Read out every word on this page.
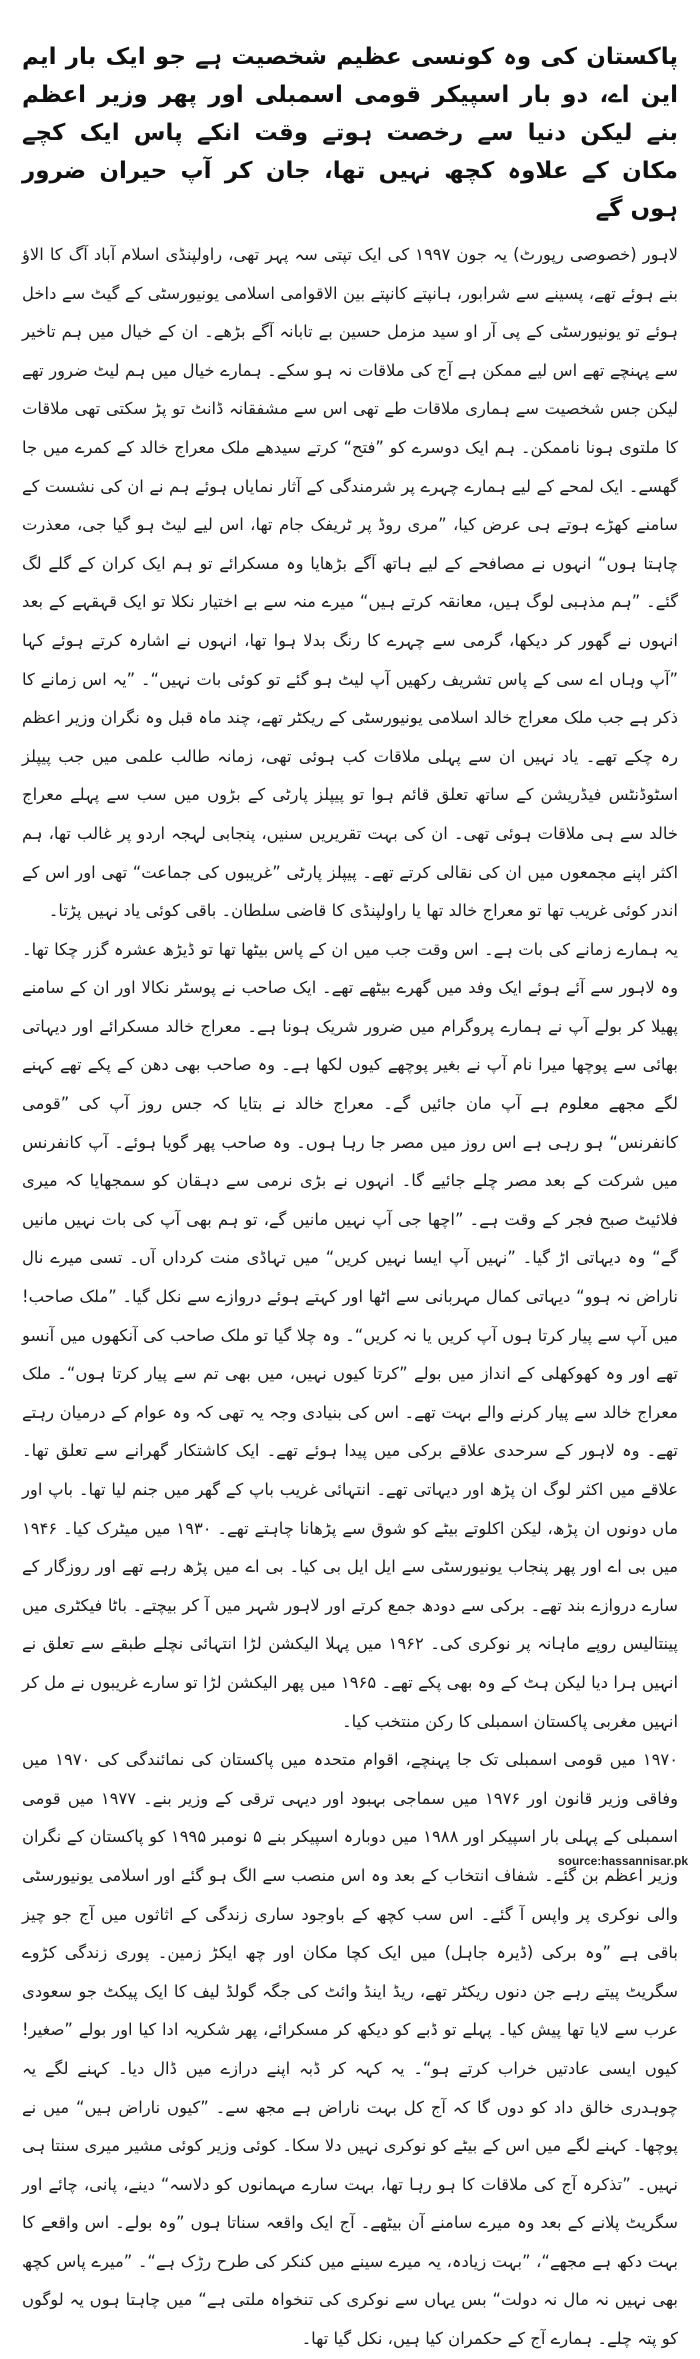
پاکستان کی وہ کونسی عظیم شخصیت ہے جو ایک بار ایم این اے، دو بار اسپیکر قومی اسمبلی اور پھر وزیر اعظم بنے لیکن دنیا سے رخصت ہوتے وقت انکے پاس ایک کچے مکان کے علاوہ کچھ نہیں تھا، جان کر آپ حیران ضرور ہوں گے

لاہور (خصوصی رپورٹ) یہ جون ۱۹۹۷ کی ایک تپتی سہ پہر تھی، راولپنڈی اسلام آباد آگ کا الاؤ بنے ہوئے تھے، پسینے سے شرابور، ہانپتے کانپتے بین الاقوامی اسلامی یونیورسٹی کے گیٹ سے داخل ہوئے تو یونیورسٹی کے پی آر او سید مزمل حسین بے تابانہ آگے بڑھے۔ ان کے خیال میں ہم تاخیر سے پہنچے تھے اس لیے ممکن ہے آج کی ملاقات نہ ہو سکے۔ ہمارے خیال میں ہم لیٹ ضرور تھے لیکن جس شخصیت سے ہماری ملاقات طے تھی اس سے مشفقانہ ڈانٹ تو پڑ سکتی تھی ملاقات کا ملتوی ہونا ناممکن۔ ہم ایک دوسرے کو ”فتح“ کرتے سیدھے ملک معراج خالد کے کمرے میں جا گھسے۔ ایک لمحے کے لیے ہمارے چہرے پر شرمندگی کے آثار نمایاں ہوئے ہم نے ان کی نشست کے سامنے کھڑے ہوتے ہی عرض کیا، ”مری روڈ پر ٹریفک جام تھا، اس لیے لیٹ ہو گیا جی، معذرت چاہتا ہوں“ انہوں نے مصافحے کے لیے ہاتھ آگے بڑھایا وہ مسکرائے تو ہم ایک کران کے گلے لگ گئے۔ ”ہم مذہبی لوگ ہیں، معانقہ کرتے ہیں“ میرے منہ سے بے اختیار نکلا تو ایک قہقہے کے بعد انہوں نے گھور کر دیکھا، گرمی سے چہرے کا رنگ بدلا ہوا تھا، انہوں نے اشارہ کرتے ہوئے کہا ”آپ وہاں اے سی کے پاس تشریف رکھیں آپ لیٹ ہو گئے تو کوئی بات نہیں“۔ ”یہ اس زمانے کا ذکر ہے جب ملک معراج خالد اسلامی یونیورسٹی کے ریکٹر تھے، چند ماہ قبل وہ نگران وزیر اعظم رہ چکے تھے۔ یاد نہیں ان سے پہلی ملاقات کب ہوئی تھی، زمانہ طالب علمی میں جب پیپلز اسٹوڈنٹس فیڈریشن کے ساتھ تعلق قائم ہوا تو پیپلز پارٹی کے بڑوں میں سب سے پہلے معراج خالد سے ہی ملاقات ہوئی تھی۔ ان کی بہت تقریریں سنیں، پنجابی لہجہ اردو پر غالب تھا، ہم اکثر اپنے مجمعوں میں ان کی نقالی کرتے تھے۔ پیپلز پارٹی ”غریبوں کی جماعت“ تھی اور اس کے اندر کوئی غریب تھا تو معراج خالد تھا یا راولپنڈی کا قاضی سلطان۔ باقی کوئی یاد نہیں پڑتا۔

یہ ہمارے زمانے کی بات ہے۔ اس وقت جب میں ان کے پاس بیٹھا تھا تو ڈیڑھ عشرہ گزر چکا تھا۔ وہ لاہور سے آئے ہوئے ایک وفد میں گھرے بیٹھے تھے۔ ایک صاحب نے پوسٹر نکالا اور ان کے سامنے پھیلا کر بولے آپ نے ہمارے پروگرام میں ضرور شریک ہونا ہے۔ معراج خالد مسکرائے اور دیہاتی بھائی سے پوچھا میرا نام آپ نے بغیر پوچھے کیوں لکھا ہے۔ وہ صاحب بھی دھن کے پکے تھے کہنے لگے مجھے معلوم ہے آپ مان جائیں گے۔ معراج خالد نے بتایا کہ جس روز آپ کی ”قومی کانفرنس“ ہو رہی ہے اس روز میں مصر جا رہا ہوں۔ وہ صاحب پھر گویا ہوئے۔ آپ کانفرنس میں شرکت کے بعد مصر چلے جائیے گا۔ انہوں نے بڑی نرمی سے دہقان کو سمجھایا کہ میری فلائیٹ صبح فجر کے وقت ہے۔ ”اچھا جی آپ نہیں مانیں گے، تو ہم بھی آپ کی بات نہیں مانیں گے“ وہ دیہاتی اڑ گیا۔ ”نہیں آپ ایسا نہیں کریں“ میں تہاڈی منت کرداں آں۔ تسی میرے نال ناراض نہ ہوو“ دیہاتی کمال مہربانی سے اٹھا اور کہتے ہوئے دروازے سے نکل گیا۔ ”ملک صاحب! میں آپ سے پیار کرتا ہوں آپ کریں یا نہ کریں“۔ وہ چلا گیا تو ملک صاحب کی آنکھوں میں آنسو تھے اور وہ کھوکھلی کے انداز میں بولے ”کرتا کیوں نہیں، میں بھی تم سے پیار کرتا ہوں“۔ ملک معراج خالد سے پیار کرنے والے بہت تھے۔ اس کی بنیادی وجہ یہ تھی کہ وہ عوام کے درمیان رہتے تھے۔ وہ لاہور کے سرحدی علاقے برکی میں پیدا ہوئے تھے۔ ایک کاشتکار گھرانے سے تعلق تھا۔ علاقے میں اکثر لوگ ان پڑھ اور دیہاتی تھے۔ انتہائی غریب باپ کے گھر میں جنم لیا تھا۔ باپ اور ماں دونوں ان پڑھ، لیکن اکلوتے بیٹے کو شوق سے پڑھانا چاہتے تھے۔ ۱۹۳۰ میں میٹرک کیا۔ ۱۹۴۶ میں بی اے اور پھر پنجاب یونیورسٹی سے ایل ایل بی کیا۔ بی اے میں پڑھ رہے تھے اور روزگار کے سارے دروازے بند تھے۔ برکی سے دودھ جمع کرتے اور لاہور شہر میں آ کر بیچتے۔ باٹا فیکٹری میں پینتالیس روپے ماہانہ پر نوکری کی۔ ۱۹۶۲ میں پہلا الیکشن لڑا انتہائی نچلے طبقے سے تعلق نے انہیں ہرا دیا لیکن ہٹ کے وہ بھی پکے تھے۔ ۱۹۶۵ میں پھر الیکشن لڑا تو سارے غریبوں نے مل کر انہیں مغربی پاکستان اسمبلی کا رکن منتخب کیا۔

۱۹۷۰ میں قومی اسمبلی تک جا پہنچے، اقوام متحدہ میں پاکستان کی نمائندگی کی ۱۹۷۰ میں وفاقی وزیر قانون اور ۱۹۷۶ میں سماجی بہبود اور دیہی ترقی کے وزیر بنے۔ ۱۹۷۷ میں قومی اسمبلی کے پہلی بار اسپیکر اور ۱۹۸۸ میں دوبارہ اسپیکر بنے ۵ نومبر ۱۹۹۵ کو پاکستان کے نگران وزیر اعظم بن گئے۔ شفاف انتخاب کے بعد وہ اس منصب سے الگ ہو گئے اور اسلامی یونیورسٹی والی نوکری پر واپس آ گئے۔ اس سب کچھ کے باوجود ساری زندگی کے اثاثوں میں آج جو چیز باقی ہے ”وہ برکی (ڈیرہ جاہل) میں ایک کچا مکان اور چھ ایکڑ زمین۔ پوری زندگی کڑوے سگریٹ پیتے رہے جن دنوں ریکٹر تھے، ریڈ اینڈ وائٹ کی جگہ گولڈ لیف کا ایک پیکٹ جو سعودی عرب سے لایا تھا پیش کیا۔ پہلے تو ڈبے کو دیکھ کر مسکرائے، پھر شکریہ ادا کیا اور بولے ”صغیر! کیوں ایسی عادتیں خراب کرتے ہو“۔ یہ کہہ کر ڈبہ اپنے درازے میں ڈال دیا۔ کہنے لگے یہ چوہدری خالق داد کو دوں گا کہ آج کل بہت ناراض ہے مجھ سے۔ ”کیوں ناراض ہیں“ میں نے پوچھا۔ کہنے لگے میں اس کے بیٹے کو نوکری نہیں دلا سکا۔ کوئی وزیر کوئی مشیر میری سنتا ہی نہیں۔ ”تذکرہ آج کی ملاقات کا ہو رہا تھا، بہت سارے مہمانوں کو دلاسہ“ دینے، پانی، چائے اور سگریٹ پلانے کے بعد وہ میرے سامنے آن بیٹھے۔ آج ایک واقعہ سناتا ہوں ”وہ بولے۔ اس واقعے کا بہت دکھ ہے مجھے“، ”بہت زیادہ، یہ میرے سینے میں کنکر کی طرح رڑک ہے“۔ ”میرے پاس کچھ بھی نہیں نہ مال نہ دولت“ بس یہاں سے نوکری کی تنخواہ ملتی ہے“ میں چاہتا ہوں یہ لوگوں کو پتہ چلے۔ ہمارے آج کے حکمران کیا ہیں، نکل گیا تھا۔

source:hassannisar.pk
